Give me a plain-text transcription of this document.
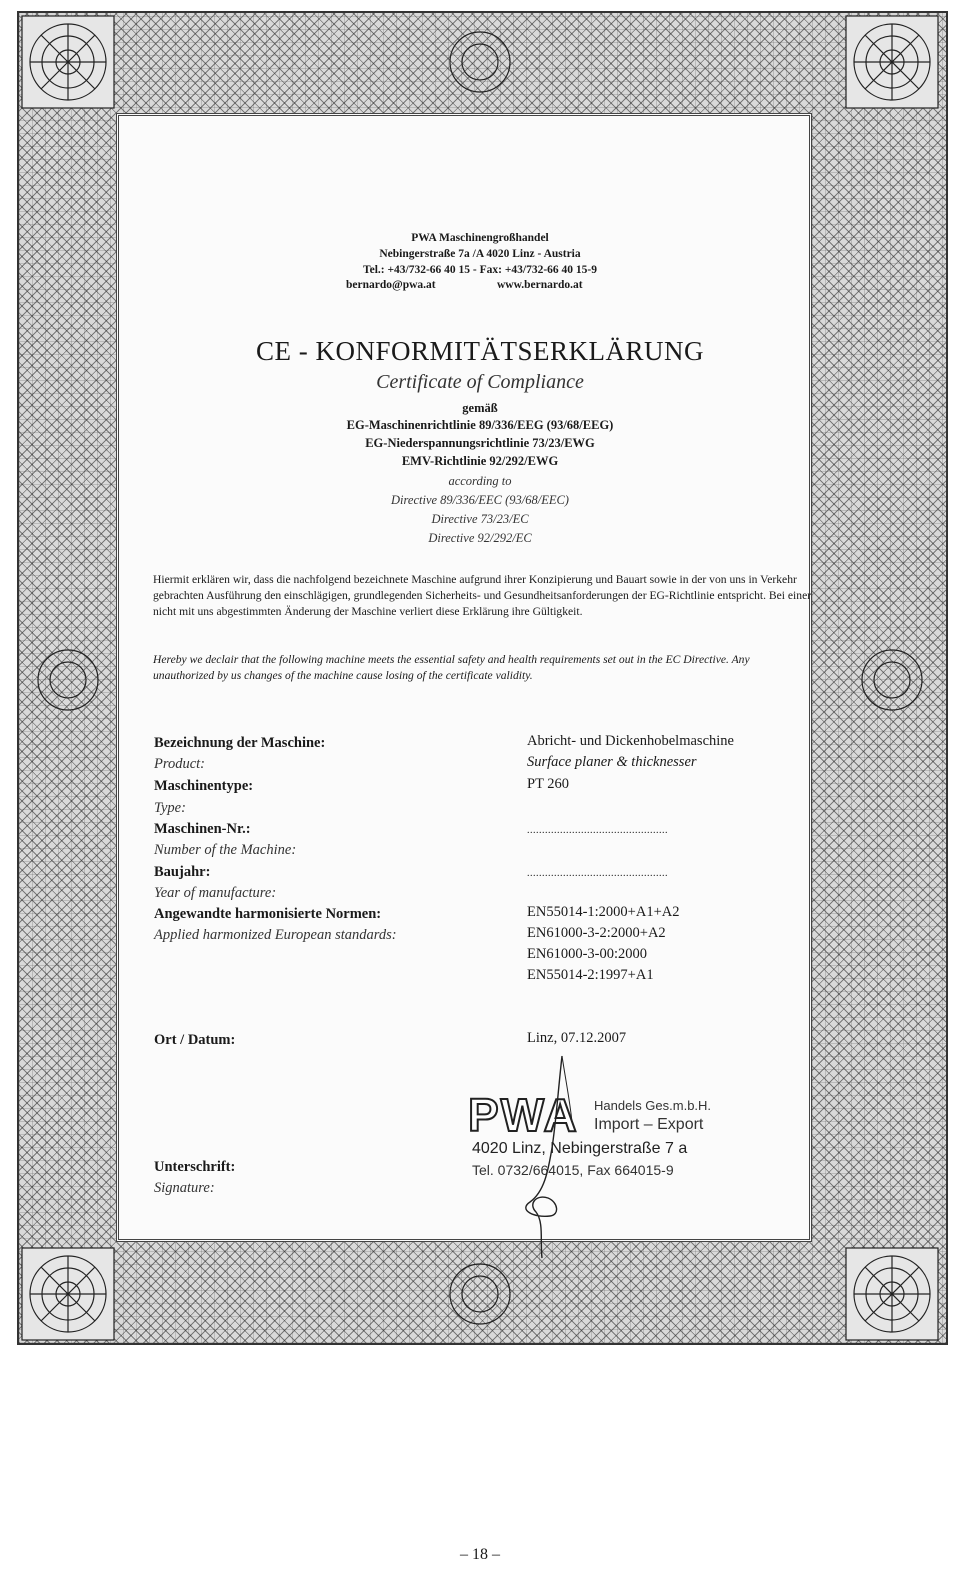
PWA Maschinengroßhandel
Nebingerstraße 7a /A 4020 Linz - Austria
Tel.: +43/732-66 40 15 - Fax: +43/732-66 40 15-9
bernardo@pwa.at	www.bernardo.at
CE - KONFORMITÄTSERKLÄRUNG
Certificate of Compliance
gemäß
EG-Maschinenrichtlinie 89/336/EEG (93/68/EEG)
EG-Niederspannungsrichtlinie 73/23/EWG
EMV-Richtlinie 92/292/EWG
according to
Directive 89/336/EEC (93/68/EEC)
Directive 73/23/EC
Directive 92/292/EC
Hiermit erklären wir, dass die nachfolgend bezeichnete Maschine aufgrund ihrer Konzipierung und Bauart sowie in der von uns in Verkehr gebrachten Ausführung den einschlägigen, grundlegenden Sicherheits- und Gesundheitsanforderungen der EG-Richtlinie entspricht. Bei einer nicht mit uns abgestimmten Änderung der Maschine verliert diese Erklärung ihre Gültigkeit.
Hereby we declair that the following machine meets the essential safety and health requirements set out in the EC Directive. Any unauthorized by us changes of the machine cause losing of the certificate validity.
Bezeichnung der Maschine:
Product:
Abricht- und Dickenhobelmaschine
Surface planer & thicknesser
Maschinentype:
Type:
PT 260
Maschinen-Nr.:
Number of the Machine:
...............................................
Baujahr:
Year of manufacture:
...............................................
Angewandte harmonisierte Normen:
Applied harmonized European standards:
EN55014-1:2000+A1+A2
EN61000-3-2:2000+A2
EN61000-3-00:2000
EN55014-2:1997+A1
Ort / Datum:	Linz, 07.12.2007
Unterschrift:
Signature:
PWA Handels Ges.m.b.H.
Import – Export
4020 Linz, Nebingerstraße 7 a
Tel. 0732/664015, Fax 664015-9
– 18 –
